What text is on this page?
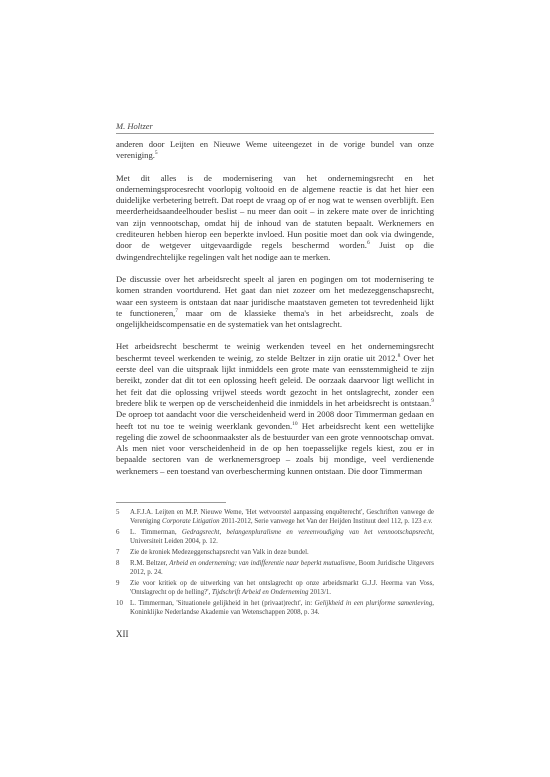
M. Holtzer

anderen door Leijten en Nieuwe Weme uiteengezet in de vorige bundel van onze vereniging.$^5$

Met dit alles is de modernisering van het ondernemingsrecht en het ondernemingsprocesrecht voorlopig voltooid en de algemene reactie is dat het hier een duidelijke verbetering betreft. Dat roept de vraag op of er nog wat te wensen overblijft. Een meerderheidsaandeelhouder beslist – nu meer dan ooit – in zekere mate over de inrichting van zijn vennootschap, omdat hij de inhoud van de statuten bepaalt. Werknemers en crediteuren hebben hierop een beperkte invloed. Hun positie moet dan ook via dwingende, door de wetgever uitgevaardigde regels beschermd worden.$^6$ Juist op die dwingendrechtelijke regelingen valt het nodige aan te merken.

De discussie over het arbeidsrecht speelt al jaren en pogingen om tot modernisering te komen stranden voortdurend. Het gaat dan niet zozeer om het medezeggenschapsrecht, waar een systeem is ontstaan dat naar juridische maatstaven gemeten tot tevredenheid lijkt te functioneren,$^7$ maar om de klassieke thema's in het arbeidsrecht, zoals de ongelijkheidscompensatie en de systematiek van het ontslagrecht.

Het arbeidsrecht beschermt te weinig werkenden teveel en het ondernemingsrecht beschermt teveel werkenden te weinig, zo stelde Beltzer in zijn oratie uit 2012.$^8$ Over het eerste deel van die uitspraak lijkt inmiddels een grote mate van eensstemmigheid te zijn bereikt, zonder dat dit tot een oplossing heeft geleid. De oorzaak daarvoor ligt wellicht in het feit dat die oplossing vrijwel steeds wordt gezocht in het ontslagrecht, zonder een bredere blik te werpen op de verscheidenheid die inmiddels in het arbeidsrecht is ontstaan.$^9$ De oproep tot aandacht voor die verscheidenheid werd in 2008 door Timmerman gedaan en heeft tot nu toe te weinig weerklank gevonden.$^{10}$ Het arbeidsrecht kent een wettelijke regeling die zowel de schoonmaakster als de bestuurder van een grote vennootschap omvat. Als men niet voor verscheidenheid in de op hen toepasselijke regels kiest, zou er in bepaalde sectoren van de werknemersgroep – zoals bij mondige, veel verdienende werknemers – een toestand van overbescherming kunnen ontstaan. Die door Timmerman

5	A.F.J.A. Leijten en M.P. Nieuwe Weme, 'Het wetvoorstel aanpassing enquêterecht', Geschriften vanwege de Vereniging Corporate Litigation 2011-2012, Serie vanwege het Van der Heijden Instituut deel 112, p. 123 e.v.
6	L. Timmerman, Gedragsrecht, belangenpluralisme en vereenvoudiging van het vennootschapsrecht, Universiteit Leiden 2004, p. 12.
7	Zie de kroniek Medezeggenschapsrecht van Valk in deze bundel.
8	R.M. Beltzer, Arbeid en onderneming; van indifferentie naar beperkt mutualisme, Boom Juridische Uitgevers 2012, p. 24.
9	Zie voor kritiek op de uitwerking van het ontslagrecht op onze arbeidsmarkt G.J.J. Heerma van Voss, 'Ontslagrecht op de helling?', Tijdschrift Arbeid en Onderneming 2013/1.
10	L. Timmerman, 'Situationele gelijkheid in het (privaat)recht', in: Gelijkheid in een pluriforme samenleving, Koninklijke Nederlandse Akademie van Wetenschappen 2008, p. 34.
XII
